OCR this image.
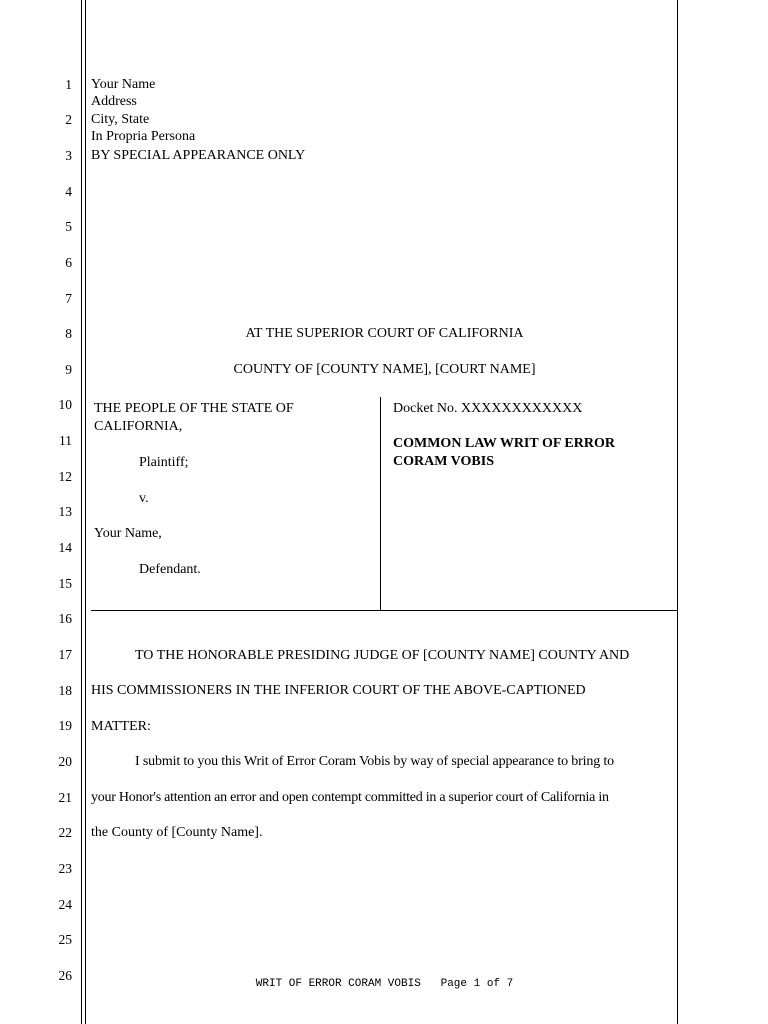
1
2
3
4
5
6
7
8
9
10
11
12
13
14
15
16
17
18
19
20
21
22
23
24
25
26
Your Name
Address
City, State
In Propria Persona
BY SPECIAL APPEARANCE ONLY
AT THE SUPERIOR COURT OF CALIFORNIA
COUNTY OF [COUNTY NAME], [COURT NAME]
THE PEOPLE OF THE STATE OF
CALIFORNIA,
Plaintiff;
v.
Your Name,
Defendant.
Docket No. XXXXXXXXXXXX
COMMON LAW WRIT OF ERROR
CORAM VOBIS
TO THE HONORABLE PRESIDING JUDGE OF [COUNTY NAME] COUNTY AND
HIS COMMISSIONERS IN THE INFERIOR COURT OF THE ABOVE-CAPTIONED
MATTER:
I submit to you this Writ of Error Coram Vobis by way of special appearance to bring to
your Honor's attention an error and open contempt committed in a superior court of California in
the County of [County Name].
WRIT OF ERROR CORAM VOBIS Page 1 of 7
